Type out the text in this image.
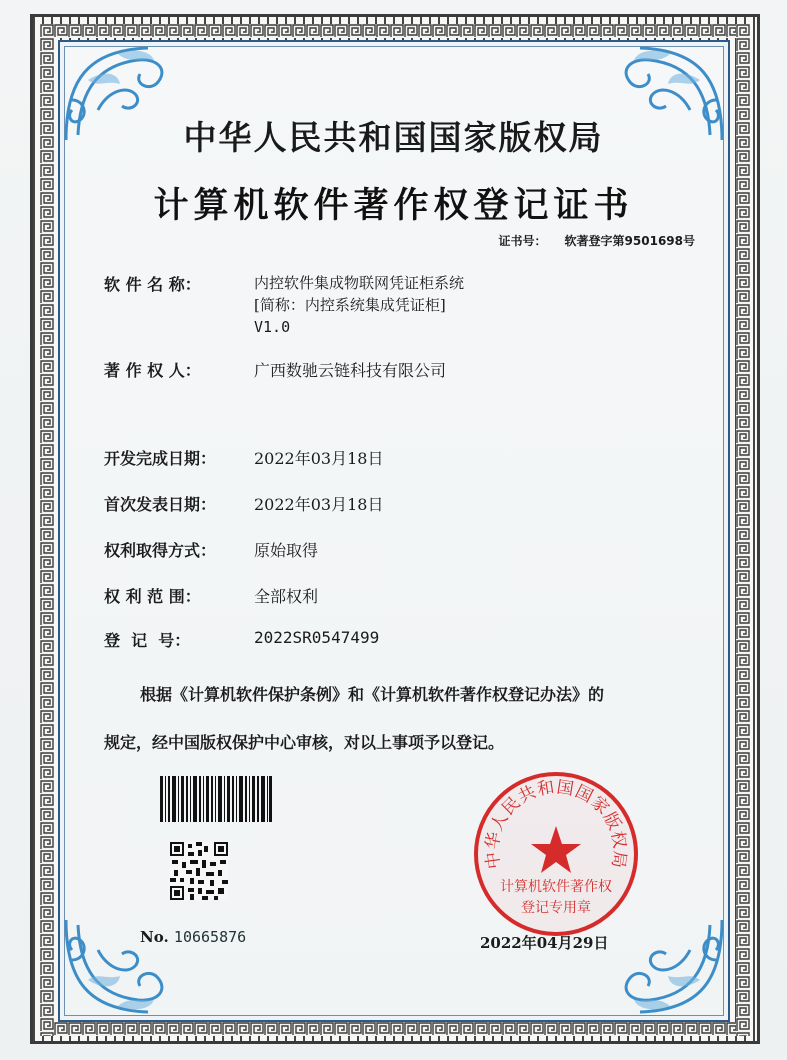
中华人民共和国国家版权局
计算机软件著作权登记证书
证书号： 软著登字第9501698号
软 件 名 称：	内控软件集成物联网凭证柜系统
[简称：内控系统集成凭证柜]
V1.0
著 作 权 人：	广西数驰云链科技有限公司
开发完成日期： 2022年03月18日
首次发表日期： 2022年03月18日
权利取得方式： 原始取得
权 利 范 围：	全部权利
登  记  号：	2022SR0547499
根据《计算机软件保护条例》和《计算机软件著作权登记办法》的
规定，经中国版权保护中心审核，对以上事项予以登记。
No. 10665876
中华人民共和国国家版权局
计算机软件著作权
登记专用章
2022年04月29日
